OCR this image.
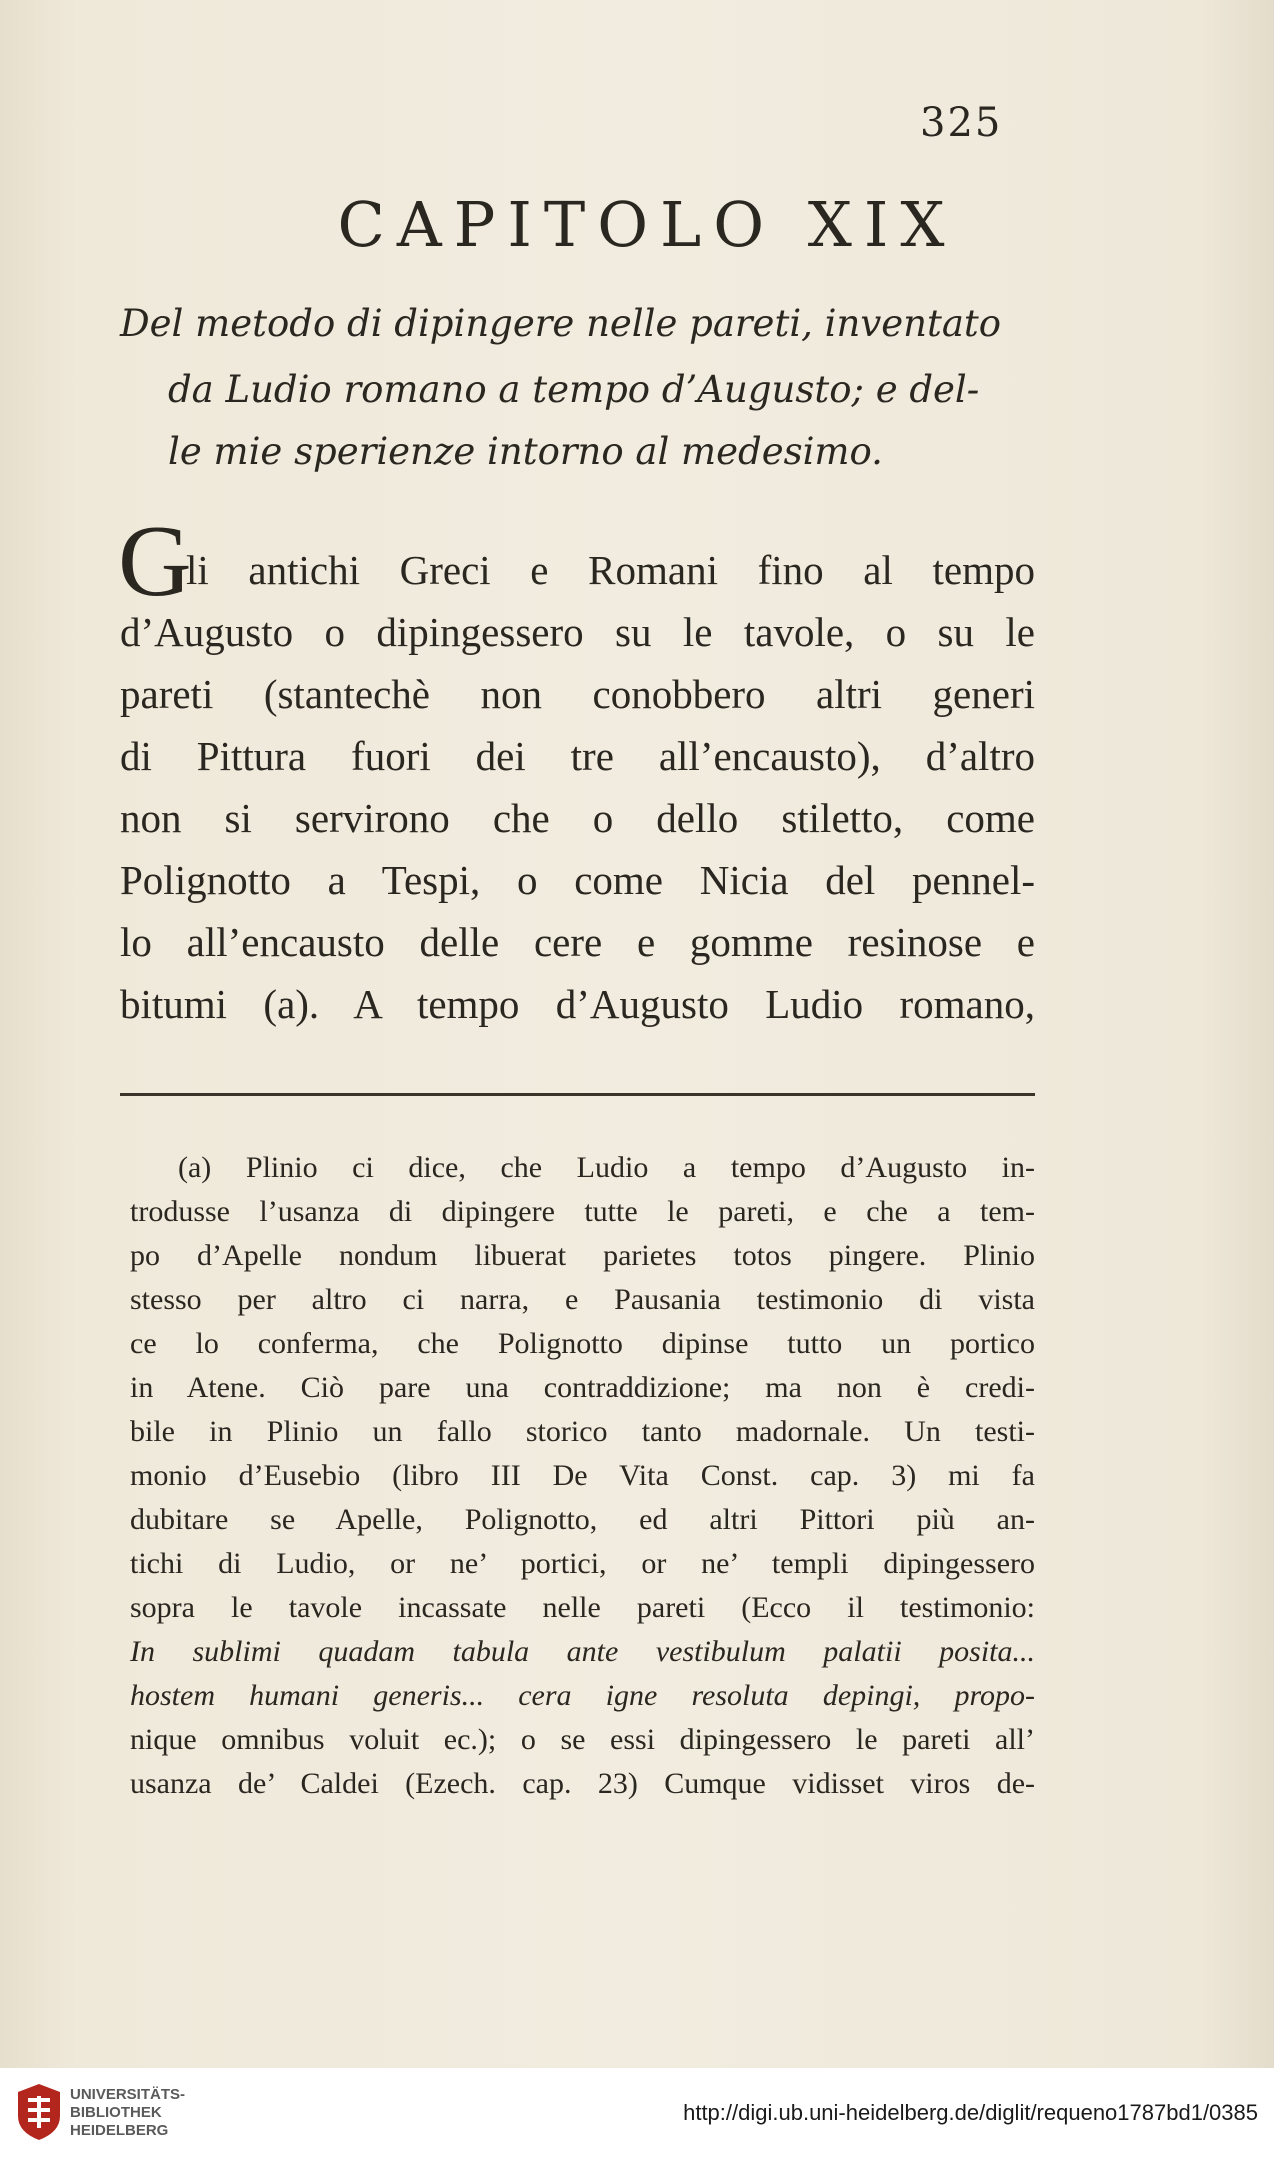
325
CAPITOLO XIX
Del metodo di dipingere nelle pareti, inventato
da Ludio romano a tempo d’Augusto; e del-
le mie sperienze intorno al medesimo.
G
li antichi Greci e Romani fino al tempo
d’Augusto o dipingessero su le tavole, o su le
pareti (stantechè non conobbero altri generi
di Pittura fuori dei tre all’encausto), d’altro
non si servirono che o dello stiletto, come
Polignotto a Tespi, o come Nicia del pennel-
lo all’encausto delle cere e gomme resinose e
bitumi (a). A tempo d’Augusto Ludio romano,
(a) Plinio ci dice, che Ludio a tempo d’Augusto in-
trodusse l’usanza di dipingere tutte le pareti, e che a tem-
po d’Apelle nondum libuerat parietes totos pingere. Plinio
stesso per altro ci narra, e Pausania testimonio di vista
ce lo conferma, che Polignotto dipinse tutto un portico
in Atene. Ciò pare una contraddizione; ma non è credi-
bile in Plinio un fallo storico tanto madornale. Un testi-
monio d’Eusebio (libro III De Vita Const. cap. 3) mi fa
dubitare se Apelle, Polignotto, ed altri Pittori più an-
tichi di Ludio, or ne’ portici, or ne’ templi dipingessero
sopra le tavole incassate nelle pareti (Ecco il testimonio:
In sublimi quadam tabula ante vestibulum palatii posita...
hostem humani generis... cera igne resoluta depingi, propo-
nique omnibus voluit ec.); o se essi dipingessero le pareti all’
usanza de’ Caldei (Ezech. cap. 23) Cumque vidisset viros de-
UNIVERSITÄTS-
BIBLIOTHEK
HEIDELBERG
http://digi.ub.uni-heidelberg.de/diglit/requeno1787bd1/0385
